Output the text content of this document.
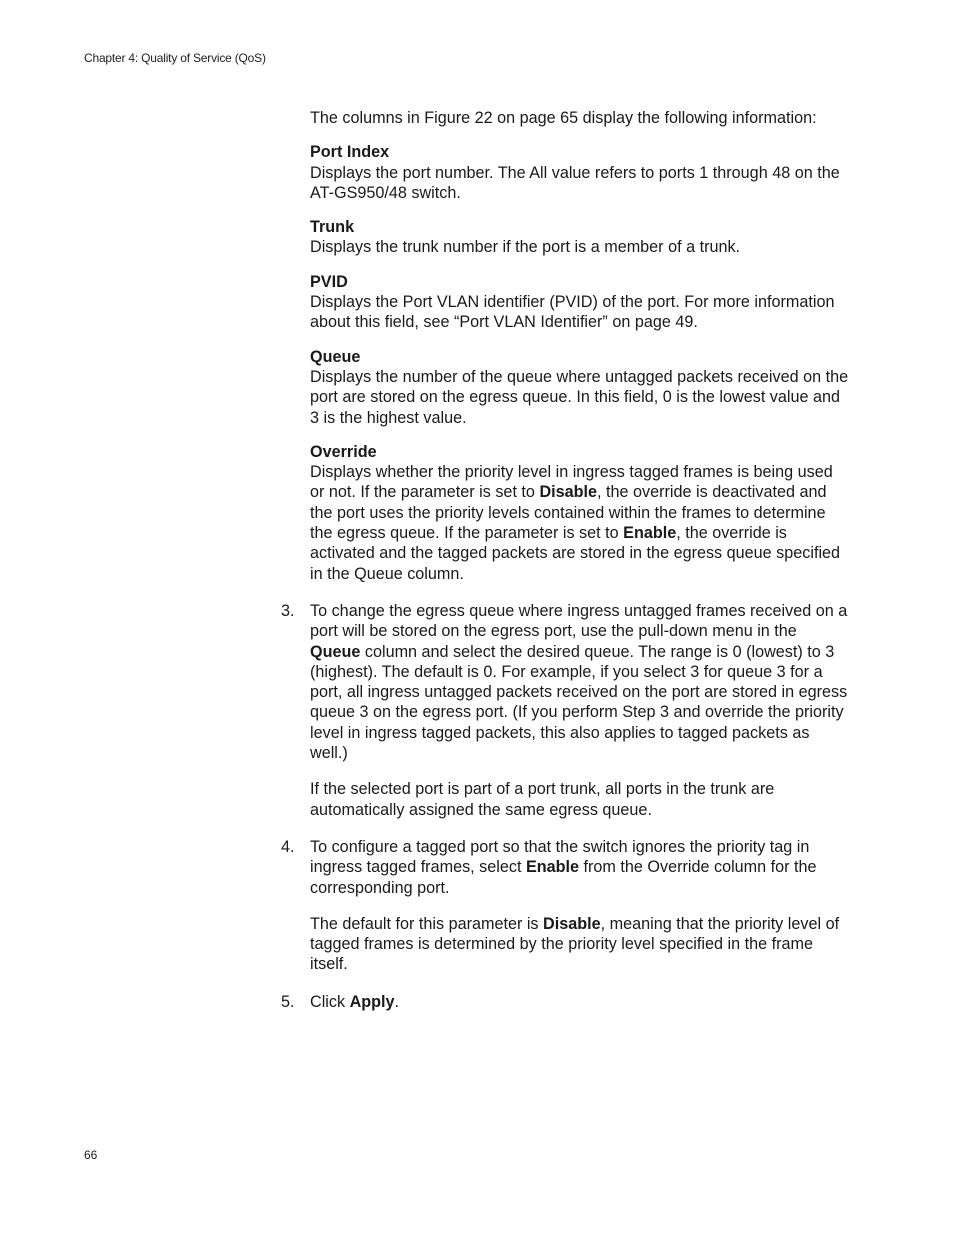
Chapter 4: Quality of Service (QoS)

The columns in Figure 22 on page 65 display the following information:

Port Index

Displays the port number. The All value refers to ports 1 through 48 on the AT-GS950/48 switch.

Trunk

Displays the trunk number if the port is a member of a trunk.

PVID

Displays the Port VLAN identifier (PVID) of the port. For more information about this field, see “Port VLAN Identifier” on page 49.

Queue

Displays the number of the queue where untagged packets received on the port are stored on the egress queue. In this field, 0 is the lowest value and 3 is the highest value.

Override

Displays whether the priority level in ingress tagged frames is being used or not. If the parameter is set to Disable, the override is deactivated and the port uses the priority levels contained within the frames to determine the egress queue. If the parameter is set to Enable, the override is activated and the tagged packets are stored in the egress queue specified in the Queue column.

3. To change the egress queue where ingress untagged frames received on a port will be stored on the egress port, use the pull-down menu in the Queue column and select the desired queue. The range is 0 (lowest) to 3 (highest). The default is 0. For example, if you select 3 for queue 3 for a port, all ingress untagged packets received on the port are stored in egress queue 3 on the egress port. (If you perform Step 3 and override the priority level in ingress tagged packets, this also applies to tagged packets as well.)

If the selected port is part of a port trunk, all ports in the trunk are automatically assigned the same egress queue.

4. To configure a tagged port so that the switch ignores the priority tag in ingress tagged frames, select Enable from the Override column for the corresponding port.

The default for this parameter is Disable, meaning that the priority level of tagged frames is determined by the priority level specified in the frame itself.

5. Click Apply.

66
